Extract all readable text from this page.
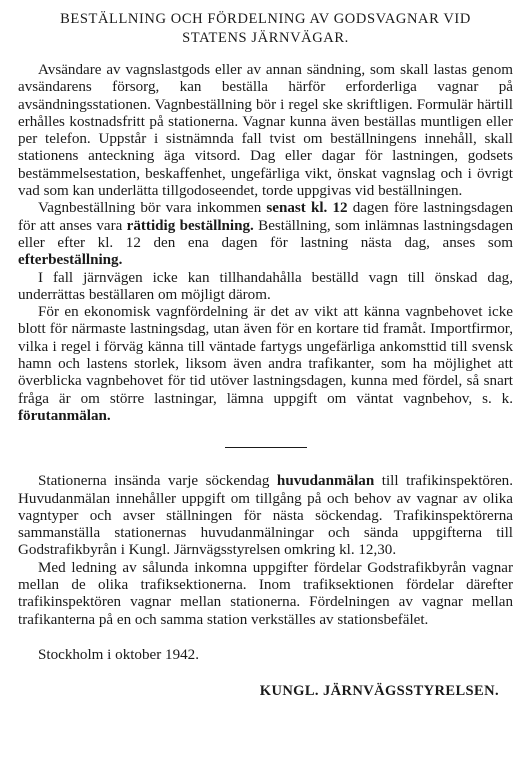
BESTÄLLNING OCH FÖRDELNING AV GODSVAGNAR VID
STATENS JÄRNVÄGAR.

Avsändare av vagnslastgods eller av annan sändning, som skall lastas genom avsändarens försorg, kan beställa härför erforderliga vagnar på avsändningsstationen. Vagnbeställning bör i regel ske skriftligen. Formulär härtill erhålles kostnadsfritt på stationerna. Vagnar kunna även beställas muntligen eller per telefon. Uppstår i sistnämnda fall tvist om beställningens innehåll, skall stationens anteckning äga vitsord. Dag eller dagar för lastningen, godsets bestämmelsestation, beskaffenhet, ungefärliga vikt, önskat vagnslag och i övrigt vad som kan underlätta tillgodoseendet, torde uppgivas vid beställningen.

Vagnbeställning bör vara inkommen senast kl. 12 dagen före lastningsdagen för att anses vara rättidig beställning. Beställning, som inlämnas lastningsdagen eller efter kl. 12 den ena dagen för lastning nästa dag, anses som efterbeställning.

I fall järnvägen icke kan tillhandahålla beställd vagn till önskad dag, underrättas beställaren om möjligt därom.

För en ekonomisk vagnfördelning är det av vikt att känna vagnbehovet icke blott för närmaste lastningsdag, utan även för en kortare tid framåt. Importfirmor, vilka i regel i förväg känna till väntade fartygs ungefärliga ankomsttid till svensk hamn och lastens storlek, liksom även andra trafikanter, som ha möjlighet att överblicka vagnbehovet för tid utöver lastningsdagen, kunna med fördel, så snart fråga är om större lastningar, lämna uppgift om väntat vagnbehov, s. k. förutanmälan.

Stationerna insända varje söckendag huvudanmälan till trafikinspektören. Huvudanmälan innehåller uppgift om tillgång på och behov av vagnar av olika vagntyper och avser ställningen för nästa söckendag. Trafikinspektörerna sammanställa stationernas huvudanmälningar och sända uppgifterna till Godstrafikbyrån i Kungl. Järnvägsstyrelsen omkring kl. 12,30.

Med ledning av sålunda inkomna uppgifter fördelar Godstrafikbyrån vagnar mellan de olika trafiksektionerna. Inom trafiksektionen fördelar därefter trafikinspektören vagnar mellan stationerna. Fördelningen av vagnar mellan trafikanterna på en och samma station verkställes av stationsbefälet.

Stockholm i oktober 1942.

KUNGL. JÄRNVÄGSSTYRELSEN.
